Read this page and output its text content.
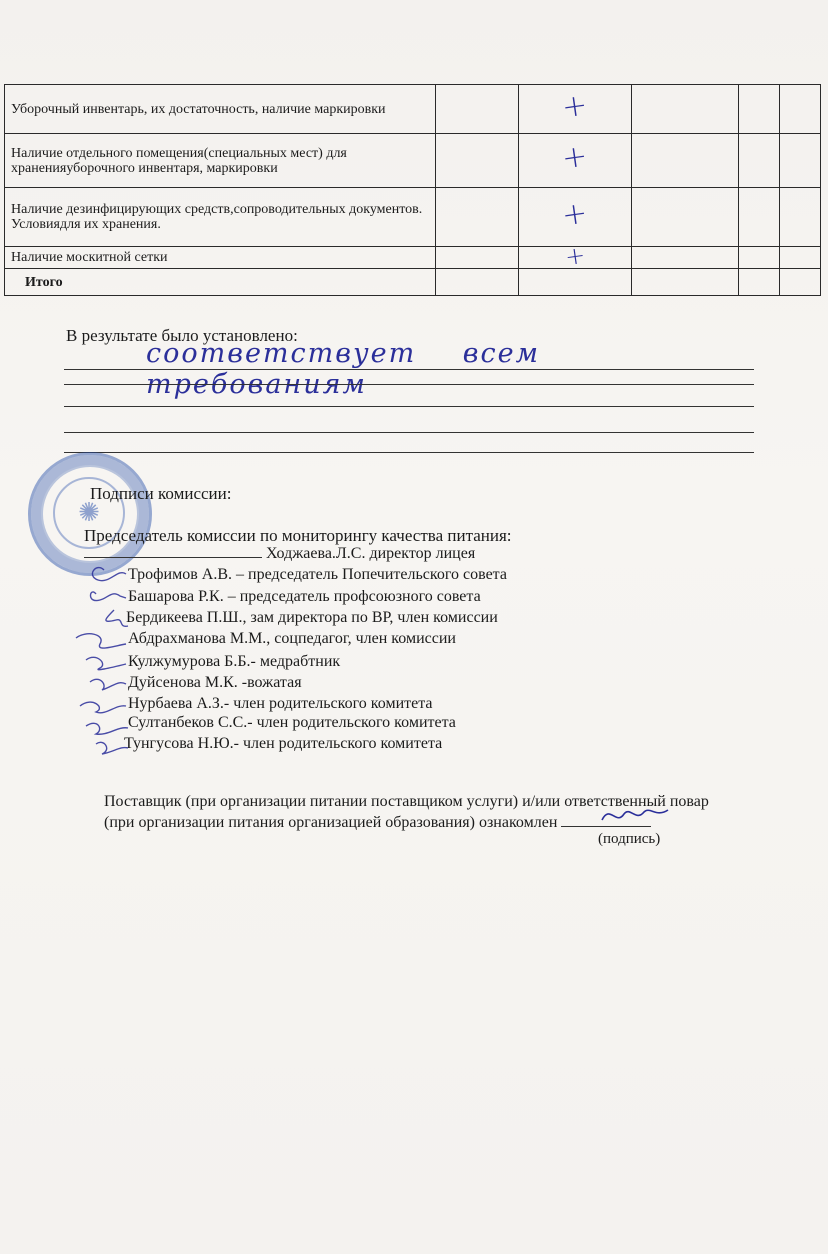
Уборочный инвентарь, их достаточность, наличие маркировки		+			
Наличие отдельного помещения(специальных мест) для храненияуборочного инвентаря, маркировки		+			
Наличие дезинфицирующих средств,сопроводительных документов. Условиядля их хранения.		+			
Наличие москитной сетки		+			
Итого					
В результате было установлено:
соответствует всем требованиям
✺
Подписи комиссии:
Председатель комиссии по мониторингу качества питания:
Ходжаева.Л.С. директор лицея
Трофимов А.В. – председатель Попечительского совета
Башарова Р.К. – председатель профсоюзного совета
Бердикеева П.Ш., зам директора по ВР, член комиссии
Абдрахманова М.М., соцпедагог, член комиссии
Кулжумурова Б.Б.- медрабтник
Дуйсенова М.К. -вожатая
Нурбаева А.З.- член родительского комитета
Султанбеков С.С.- член родительского комитета
Тунгусова Н.Ю.- член родительского комитета
Поставщик (при организации питании поставщиком услуги) и/или ответственный повар
(при организации питания организацией образования) ознакомлен
(подпись)
